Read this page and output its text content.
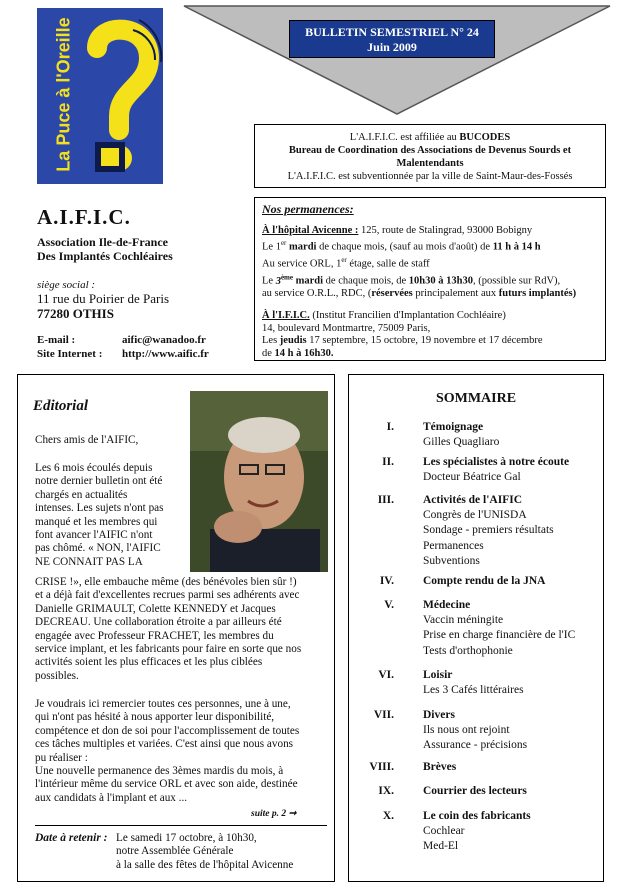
La Puce à l'Oreille	BULLETIN SEMESTRIEL N° 24
Juin 2009
L'A.I.F.I.C. est affiliée au BUCODES
Bureau de Coordination des Associations de Devenus Sourds et
Malentendants
L'A.I.F.I.C. est subventionnée par la ville de Saint-Maur-des-Fossés
A.I.F.I.C.
Association Ile-de-France
Des Implantés Cochléaires
siège social :
11 rue du Poirier de Paris
77280 OTHIS
E-mail :	aific@wanadoo.fr
Site Internet : http://www.aific.fr

Nos permanences:

À l'hôpital Avicenne : 125, route de Stalingrad, 93000 Bobigny

Le 1er mardi de chaque mois, (sauf au mois d'août) de 11 h à 14 h

Au service ORL, 1er étage, salle de staff

Le 3ème mardi de chaque mois, de 10h30 à 13h30, (possible sur RdV),

au service O.R.L., RDC, (réservées principalement aux futurs implantés)

À l'I.F.I.C. (Institut Francilien d'Implantation Cochléaire)

14, boulevard Montmartre, 75009 Paris,

Les jeudis 17 septembre, 15 octobre, 19 novembre et 17 décembre

de 14 h à 16h30.

Editorial
Chers amis de l'AIFIC,
Les 6 mois écoulés depuis
notre dernier bulletin ont été
chargés en actualités
intenses. Les sujets n'ont pas
manqué et les membres qui
font avancer l'AIFIC n'ont
pas chômé. « NON, l'AIFIC
NE CONNAIT PAS LA
CRISE !», elle embauche même (des bénévoles bien sûr !)
et a déjà fait d'excellentes recrues parmi ses adhérents avec
Danielle GRIMAULT, Colette KENNEDY et Jacques
DECREAU. Une collaboration étroite a par ailleurs été
engagée avec Professeur FRACHET, les membres du
service implant, et les fabricants pour faire en sorte que nos
activités soient les plus efficaces et les plus ciblées
possibles.
Je voudrais ici remercier toutes ces personnes, une à une,
qui n'ont pas hésité à nous apporter leur disponibilité,
compétence et don de soi pour l'accomplissement de toutes
ces tâches multiples et variées. C'est ainsi que nous avons
pu réaliser :
Une nouvelle permanence des 3èmes mardis du mois, à
l'intérieur même du service ORL et avec son aide, destinée
aux candidats à l'implant et aux ...
suite p. 2 ➞
Date à retenir : Le samedi 17 octobre, à 10h30,
notre Assemblée Générale
à la salle des fêtes de l'hôpital Avicenne
SOMMAIRE
I.	Témoignage
Gilles Quagliaro
II.	Les spécialistes à notre écoute
Docteur Béatrice Gal
III.	Activités de l'AIFIC
Congrès de l'UNISDA
Sondage - premiers résultats
Permanences
Subventions
IV.	Compte rendu de la JNA
V.	Médecine
Vaccin méningite
Prise en charge financière de l'IC
Tests d'orthophonie
VI.	Loisir
Les 3 Cafés littéraires
VII.	Divers
Ils nous ont rejoint
Assurance - précisions
VIII.	Brèves
IX.	Courrier des lecteurs
X.	Le coin des fabricants
Cochlear
Med-El
